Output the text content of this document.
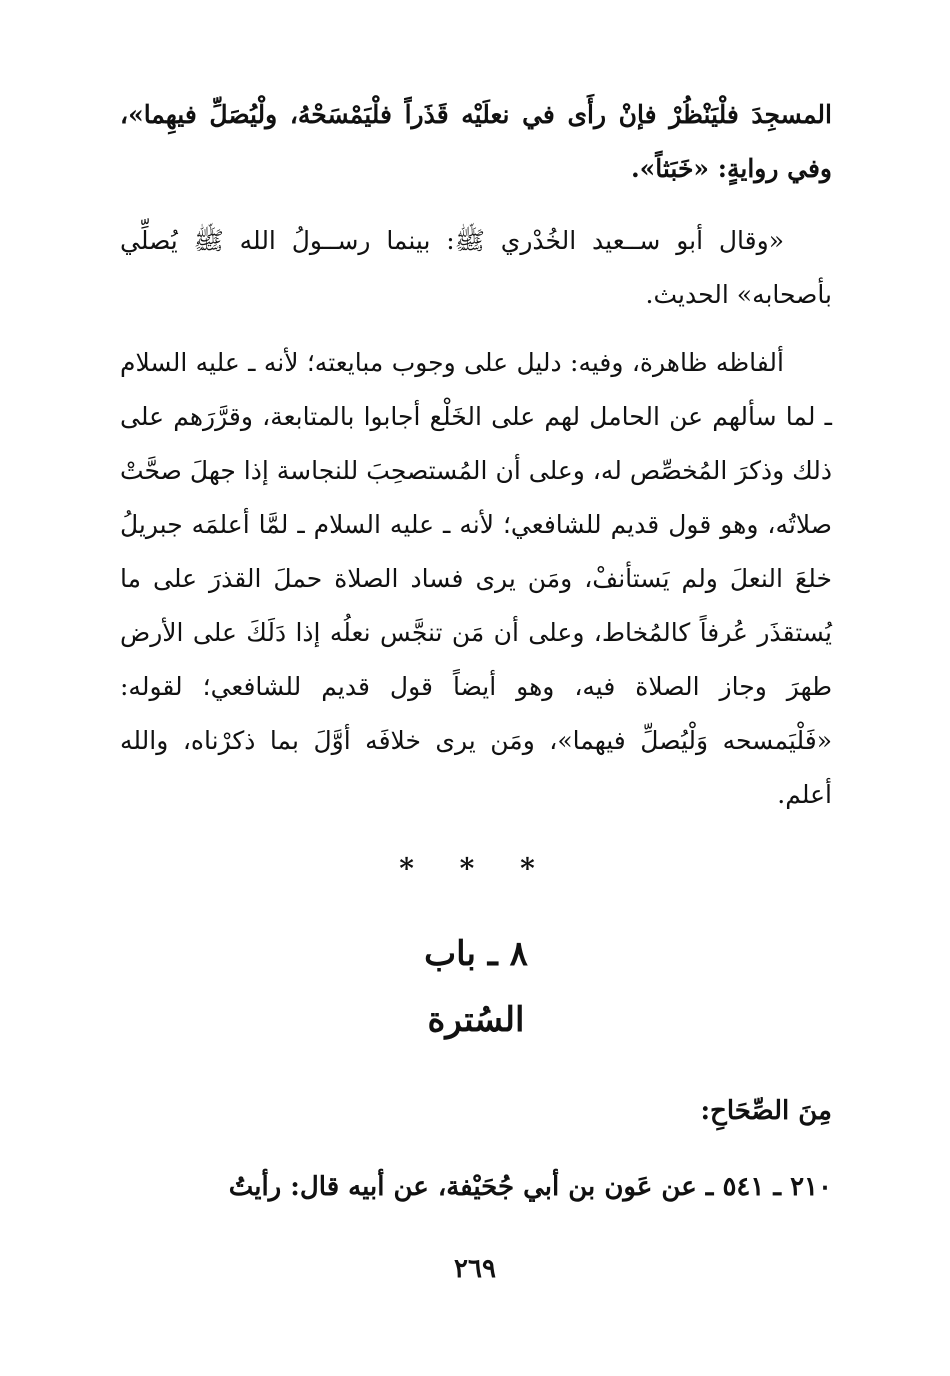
المسجِدَ فلْيَنْظُرْ فإنْ رأَى في نعلَيْه قَذَراً فلْيَمْسَحْهُ، ولْيُصَلِّ فيهِما»، وفي روايةٍ: «خَبَثاً».

«وقال أبو ســعيد الخُدْري ﷺ: بينما رســولُ الله ﷺ يُصلِّي بأصحابه» الحديث.

ألفاظه ظاهرة، وفيه: دليل على وجوب مبايعته؛ لأنه ـ عليه السلام ـ لما سألهم عن الحامل لهم على الخَلْع أجابوا بالمتابعة، وقرَّرَهم على ذلك وذكرَ المُخصِّص له، وعلى أن المُستصحِبَ للنجاسة إذا جهلَ صحَّتْ صلاتُه، وهو قول قديم للشافعي؛ لأنه ـ عليه السلام ـ لمَّا أعلمَه جبريلُ خلعَ النعلَ ولم يَستأنفْ، ومَن يرى فساد الصلاة حملَ القذرَ على ما يُستقذَر عُرفاً كالمُخاط، وعلى أن مَن تنجَّس نعلُه إذا دَلَكَ على الأرض طهرَ وجاز الصلاة فيه، وهو أيضاً قول قديم للشافعي؛ لقوله: «فَلْيَمسحه وَلْيُصلِّ فيهما»، ومَن يرى خلافَه أوَّلَ بما ذكرْناه، والله أعلم.

* * *
٨ ـ باب
السُترة
مِنَ الصِّحَاحِ:
٢١٠ ـ ٥٤١ ـ عن عَون بن أبي جُحَيْفة، عن أبيه قال: رأيتُ
٢٦٩
